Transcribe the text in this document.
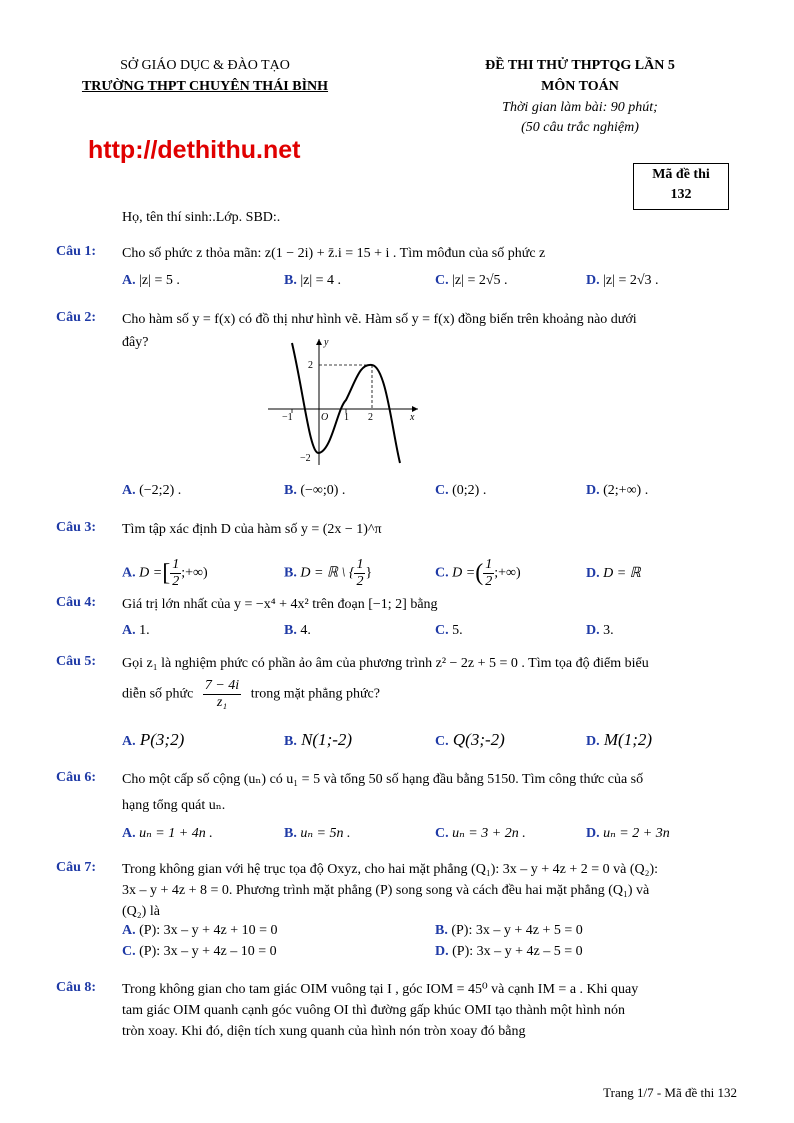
SỞ GIÁO DỤC & ĐÀO TẠO
TRƯỜNG THPT CHUYÊN THÁI BÌNH
ĐỀ THI THỬ THPTQG LẦN 5
MÔN TOÁN
Thời gian làm bài: 90 phút;
(50 câu trắc nghiệm)
http://dethithu.net
Mã đề thi
132
Họ, tên thí sinh:.Lớp. SBD:.
Câu 1: Cho số phức z thỏa mãn: z(1 − 2i) + z̄.i = 15 + i . Tìm môđun của số phức z
A. |z| = 5 .	B. |z| = 4 .	C. |z| = 2√5 .	D. |z| = 2√3 .
Câu 2: Cho hàm số y = f(x) có đồ thị như hình vẽ. Hàm số y = f(x) đồng biến trên khoảng nào dưới
đây?	y
x
O
−1	1 2
2
−2
A. (−2;2) .	B. (−∞;0) .	C. (0;2) .	D. (2;+∞) .
Câu 3: Tìm tập xác định D của hàm số y = (2x − 1)^π
A. D =[ $\frac{1}{2}$ ;+∞)	B. D = ℝ \ { $\frac{1}{2}$ }	C. D =( $\frac{1}{2}$ ;+∞)	D. D = ℝ
Câu 4: Giá trị lớn nhất của y = −x⁴ + 4x² trên đoạn [−1; 2] bằng
A. 1.	B. 4.	C. 5.	D. 3.
Câu 5: Gọi z₁ là nghiệm phức có phần ảo âm của phương trình z² − 2z + 5 = 0 . Tìm tọa độ điểm biểu
diễn số phức $\frac{7 - 4i}{\text{z₁}}$ trong mặt phẳng phức?
A. P(3;2)	B. N(1;-2)	C. Q(3;-2)	D. M(1;2)
Câu 6: Cho một cấp số cộng (uₙ) có u₁ = 5 và tổng 50 số hạng đầu bằng 5150. Tìm công thức của số
hạng tổng quát uₙ.
A. uₙ = 1 + 4n .	B. uₙ = 5n .	C. uₙ = 3 + 2n .	D. uₙ = 2 + 3n
Câu 7: Trong không gian với hệ trục tọa độ Oxyz, cho hai mặt phẳng (Q₁): 3x – y + 4z + 2 = 0 và (Q₂):
3x – y + 4z + 8 = 0. Phương trình mặt phẳng (P) song song và cách đều hai mặt phẳng (Q₁) và
(Q₂) là
A. (P): 3x – y + 4z + 10 = 0	B. (P): 3x – y + 4z + 5 = 0
C. (P): 3x – y + 4z – 10 = 0	D. (P): 3x – y + 4z – 5 = 0
Câu 8: Trong không gian cho tam giác OIM vuông tại I , góc IOM = 45⁰ và cạnh IM = a . Khi quay
tam giác OIM quanh cạnh góc vuông OI thì đường gấp khúc OMI tạo thành một hình nón
tròn xoay. Khi đó, diện tích xung quanh của hình nón tròn xoay đó bằng
Trang 1/7 - Mã đề thi 132
